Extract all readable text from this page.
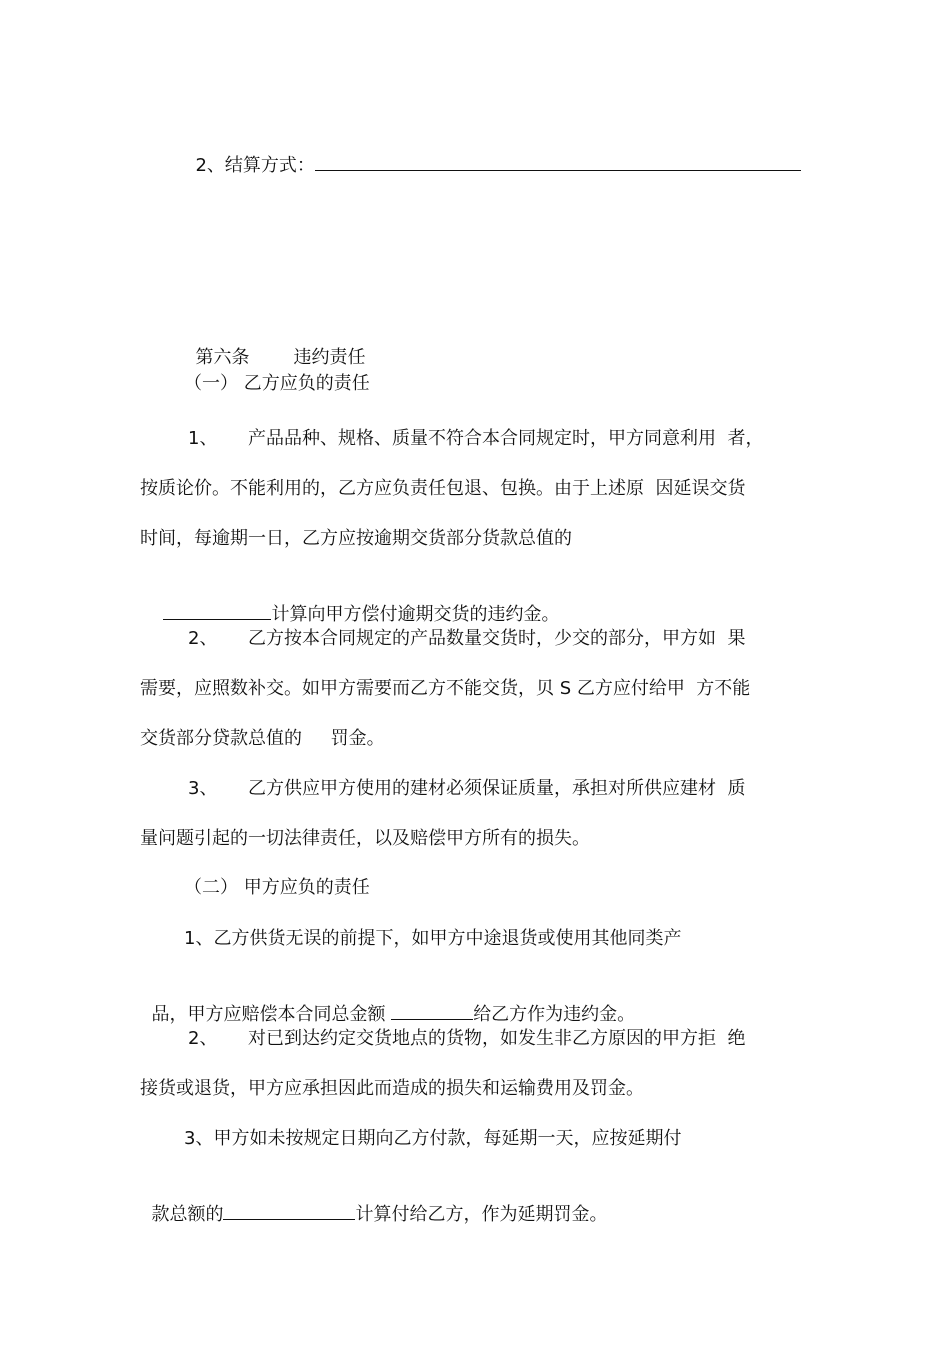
2、结算方式：

第六条	违约责任

（一） 乙方应负的责任
1、 产品品种、规格、质量不符合本合同规定时，甲方同意利用  者，
按质论价。不能利用的，乙方应负责任包退、包换。由于上述原  因延误交货
时间，每逾期一日，乙方应按逾期交货部分货款总值的

计算向甲方偿付逾期交货的违约金。

2、 乙方按本合同规定的产品数量交货时，少交的部分，甲方如  果
需要，应照数补交。如甲方需要而乙方不能交货，贝 S 乙方应付给甲  方不能
交货部分贷款总值的     罚金。
3、 乙方供应甲方使用的建材必须保证质量，承担对所供应建材  质
量问题引起的一切法律责任，以及赔偿甲方所有的损失。
（二） 甲方应负的责任
1、乙方供货无误的前提下，如甲方中途退货或使用其他同类产

品，甲方应赔偿本合同总金额	给乙方作为违约金。

2、 对已到达约定交货地点的货物，如发生非乙方原因的甲方拒  绝
接货或退货，甲方应承担因此而造成的损失和运输费用及罚金。
3、甲方如未按规定日期向乙方付款，每延期一天，应按延期付

款总额的	计算付给乙方，作为延期罚金。
